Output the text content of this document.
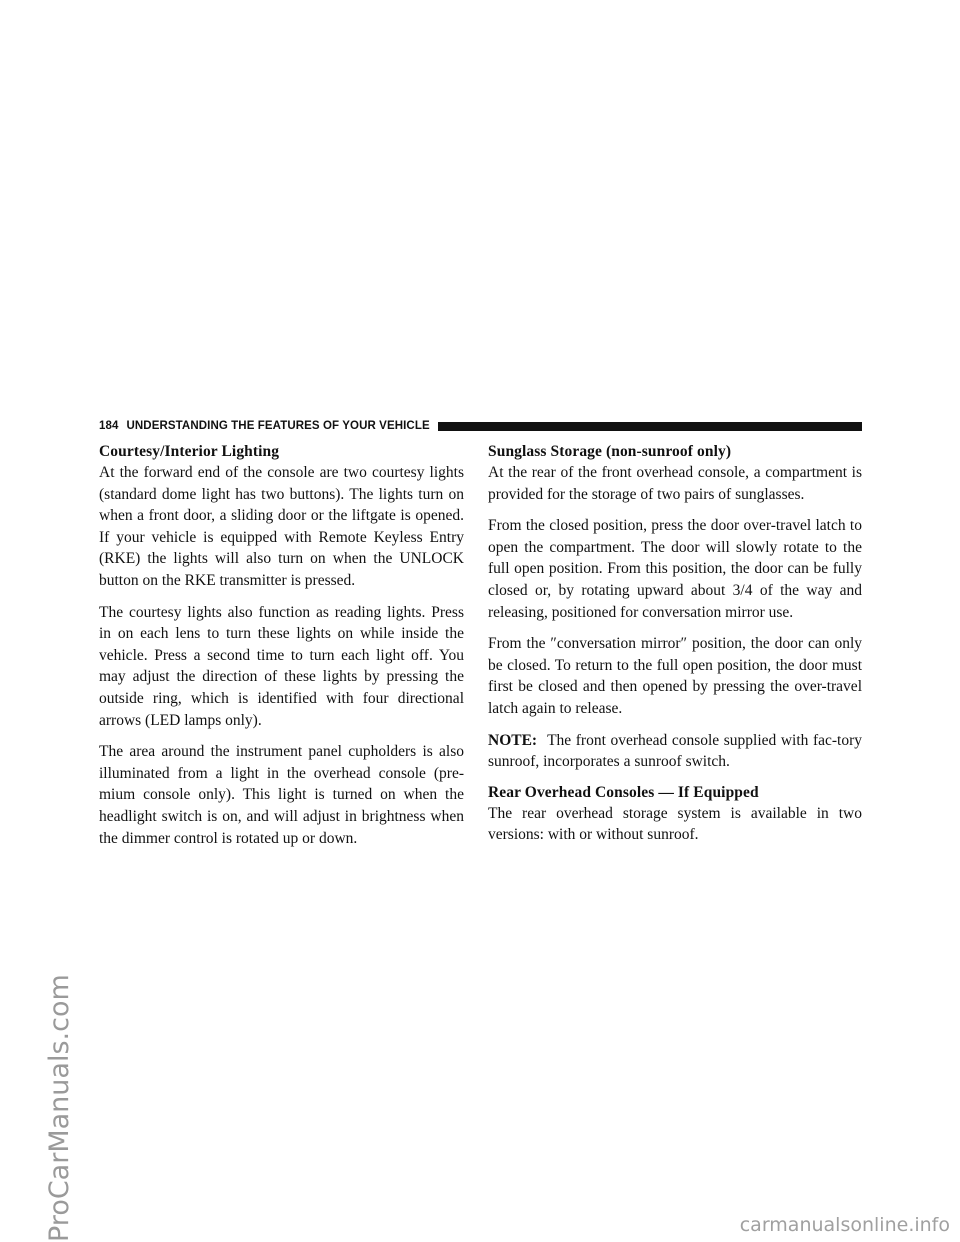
ProCarManuals.com
184 UNDERSTANDING THE FEATURES OF YOUR VEHICLE
Courtesy/Interior Lighting

At the forward end of the console are two courtesy lights (standard dome light has two buttons). The lights turn on when a front door, a sliding door or the liftgate is opened. If your vehicle is equipped with Remote Keyless Entry (RKE) the lights will also turn on when the UNLOCK button on the RKE transmitter is pressed.

The courtesy lights also function as reading lights. Press in on each lens to turn these lights on while inside the vehicle. Press a second time to turn each light off. You may adjust the direction of these lights by pressing the outside ring, which is identified with four directional arrows (LED lamps only).

The area around the instrument panel cupholders is also illuminated from a light in the overhead console (pre-mium console only). This light is turned on when the headlight switch is on, and will adjust in brightness when the dimmer control is rotated up or down.

Sunglass Storage (non-sunroof only)

At the rear of the front overhead console, a compartment is provided for the storage of two pairs of sunglasses.

From the closed position, press the door over-travel latch to open the compartment. The door will slowly rotate to the full open position. From this position, the door can be fully closed or, by rotating upward about 3/4 of the way and releasing, positioned for conversation mirror use.

From the ″conversation mirror″ position, the door can only be closed. To return to the full open position, the door must first be closed and then opened by pressing the over-travel latch again to release.

NOTE: The front overhead console supplied with fac-tory sunroof, incorporates a sunroof switch.

Rear Overhead Consoles — If Equipped

The rear overhead storage system is available in two versions: with or without sunroof.

carmanualsonline.info
